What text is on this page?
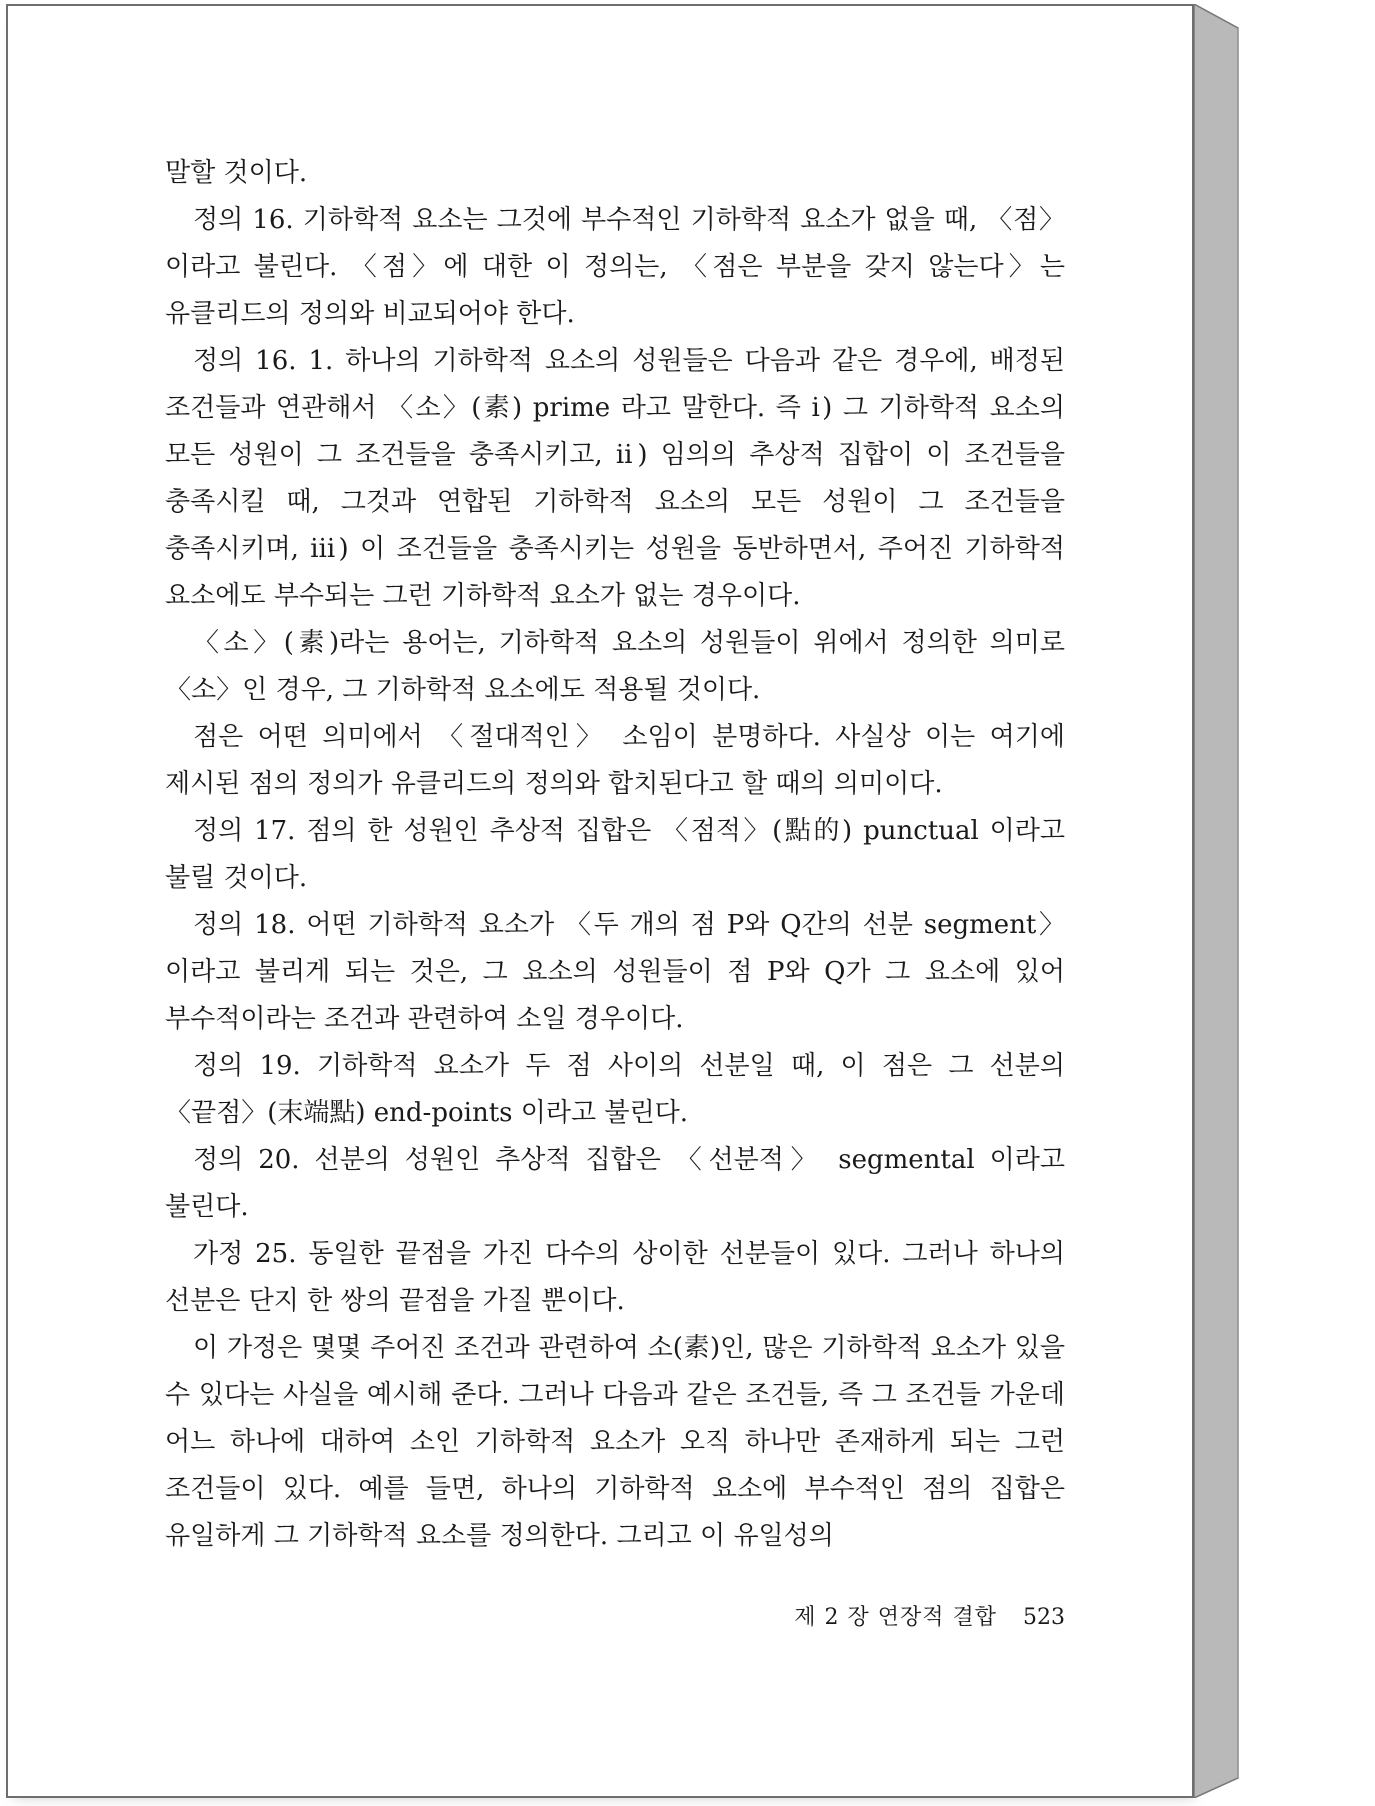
말할 것이다.

정의 16. 기하학적 요소는 그것에 부수적인 기하학적 요소가 없을 때, 〈점〉이라고 불린다. 〈점〉에 대한 이 정의는, 〈점은 부분을 갖지 않는다〉는 유클리드의 정의와 비교되어야 한다.

정의 16. 1. 하나의 기하학적 요소의 성원들은 다음과 같은 경우에, 배정된 조건들과 연관해서 〈소〉(素) prime 라고 말한다. 즉 ⅰ) 그 기하학적 요소의 모든 성원이 그 조건들을 충족시키고, ⅱ) 임의의 추상적 집합이 이 조건들을 충족시킬 때, 그것과 연합된 기하학적 요소의 모든 성원이 그 조건들을 충족시키며, ⅲ) 이 조건들을 충족시키는 성원을 동반하면서, 주어진 기하학적 요소에도 부수되는 그런 기하학적 요소가 없는 경우이다.

〈소〉(素)라는 용어는, 기하학적 요소의 성원들이 위에서 정의한 의미로 〈소〉인 경우, 그 기하학적 요소에도 적용될 것이다.

점은 어떤 의미에서 〈절대적인〉 소임이 분명하다. 사실상 이는 여기에 제시된 점의 정의가 유클리드의 정의와 합치된다고 할 때의 의미이다.

정의 17. 점의 한 성원인 추상적 집합은 〈점적〉(點的) punctual 이라고 불릴 것이다.

정의 18. 어떤 기하학적 요소가 〈두 개의 점 P와 Q간의 선분 segment〉이라고 불리게 되는 것은, 그 요소의 성원들이 점 P와 Q가 그 요소에 있어 부수적이라는 조건과 관련하여 소일 경우이다.

정의 19. 기하학적 요소가 두 점 사이의 선분일 때, 이 점은 그 선분의 〈끝점〉(末端點) end-points 이라고 불린다.

정의 20. 선분의 성원인 추상적 집합은 〈선분적〉 segmental 이라고 불린다.

가정 25. 동일한 끝점을 가진 다수의 상이한 선분들이 있다. 그러나 하나의 선분은 단지 한 쌍의 끝점을 가질 뿐이다.

이 가정은 몇몇 주어진 조건과 관련하여 소(素)인, 많은 기하학적 요소가 있을 수 있다는 사실을 예시해 준다. 그러나 다음과 같은 조건들, 즉 그 조건들 가운데 어느 하나에 대하여 소인 기하학적 요소가 오직 하나만 존재하게 되는 그런 조건들이 있다. 예를 들면, 하나의 기하학적 요소에 부수적인 점의 집합은 유일하게 그 기하학적 요소를 정의한다. 그리고 이 유일성의

제 2 장 연장적 결합 523
